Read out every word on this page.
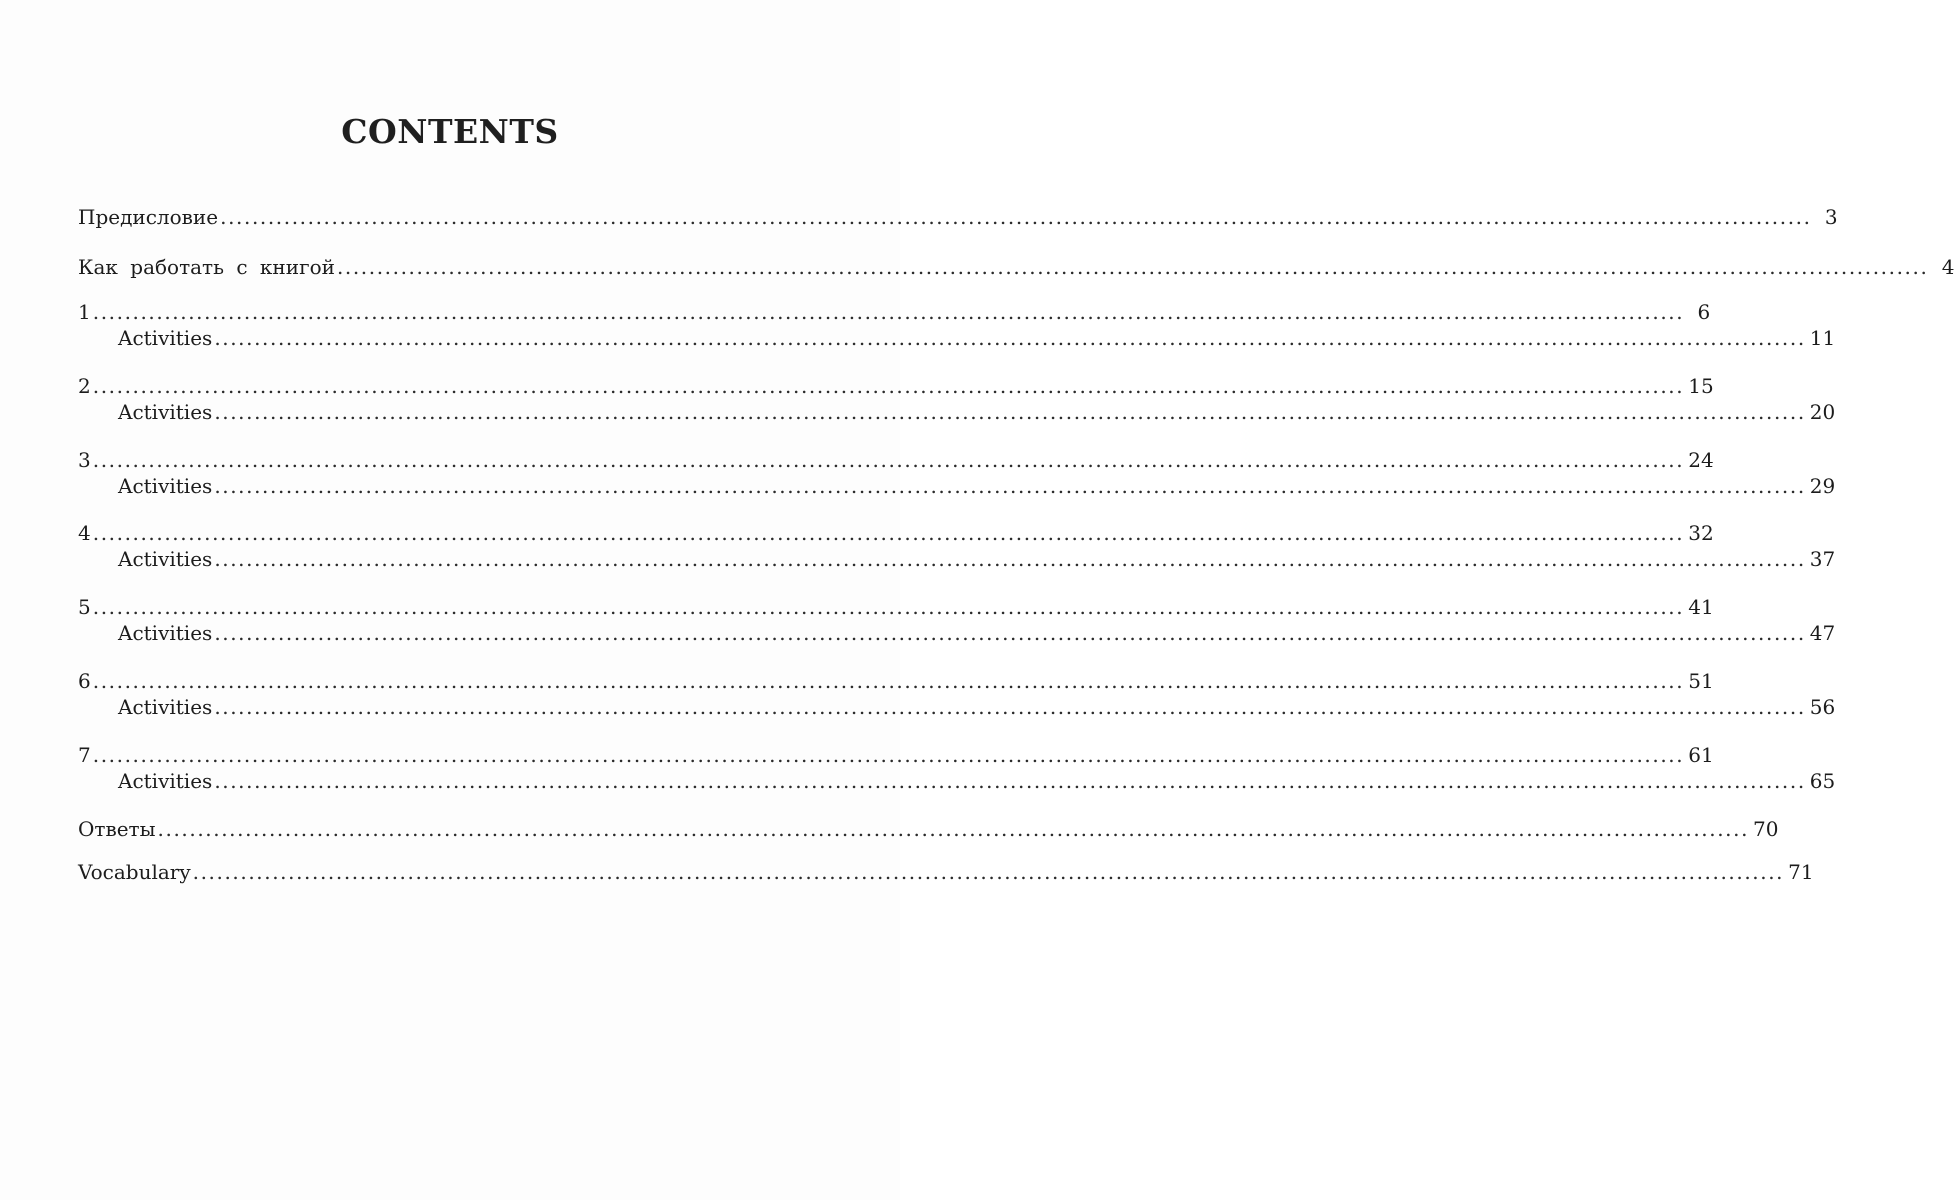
CONTENTS
Предисловие ........................................................................................................................................................................................................ 3
Как работать с книгой ........................................................................................................................................................................................................ 4
1 ........................................................................................................................................................................................................ 6
Activities ........................................................................................................................................................................................................ 11
2 ........................................................................................................................................................................................................ 15
Activities ........................................................................................................................................................................................................ 20
3 ........................................................................................................................................................................................................ 24
Activities ........................................................................................................................................................................................................ 29
4 ........................................................................................................................................................................................................ 32
Activities ........................................................................................................................................................................................................ 37
5 ........................................................................................................................................................................................................ 41
Activities ........................................................................................................................................................................................................ 47
6 ........................................................................................................................................................................................................ 51
Activities ........................................................................................................................................................................................................ 56
7 ........................................................................................................................................................................................................ 61
Activities ........................................................................................................................................................................................................ 65
Ответы ........................................................................................................................................................................................................ 70
Vocabulary ........................................................................................................................................................................................................ 71
